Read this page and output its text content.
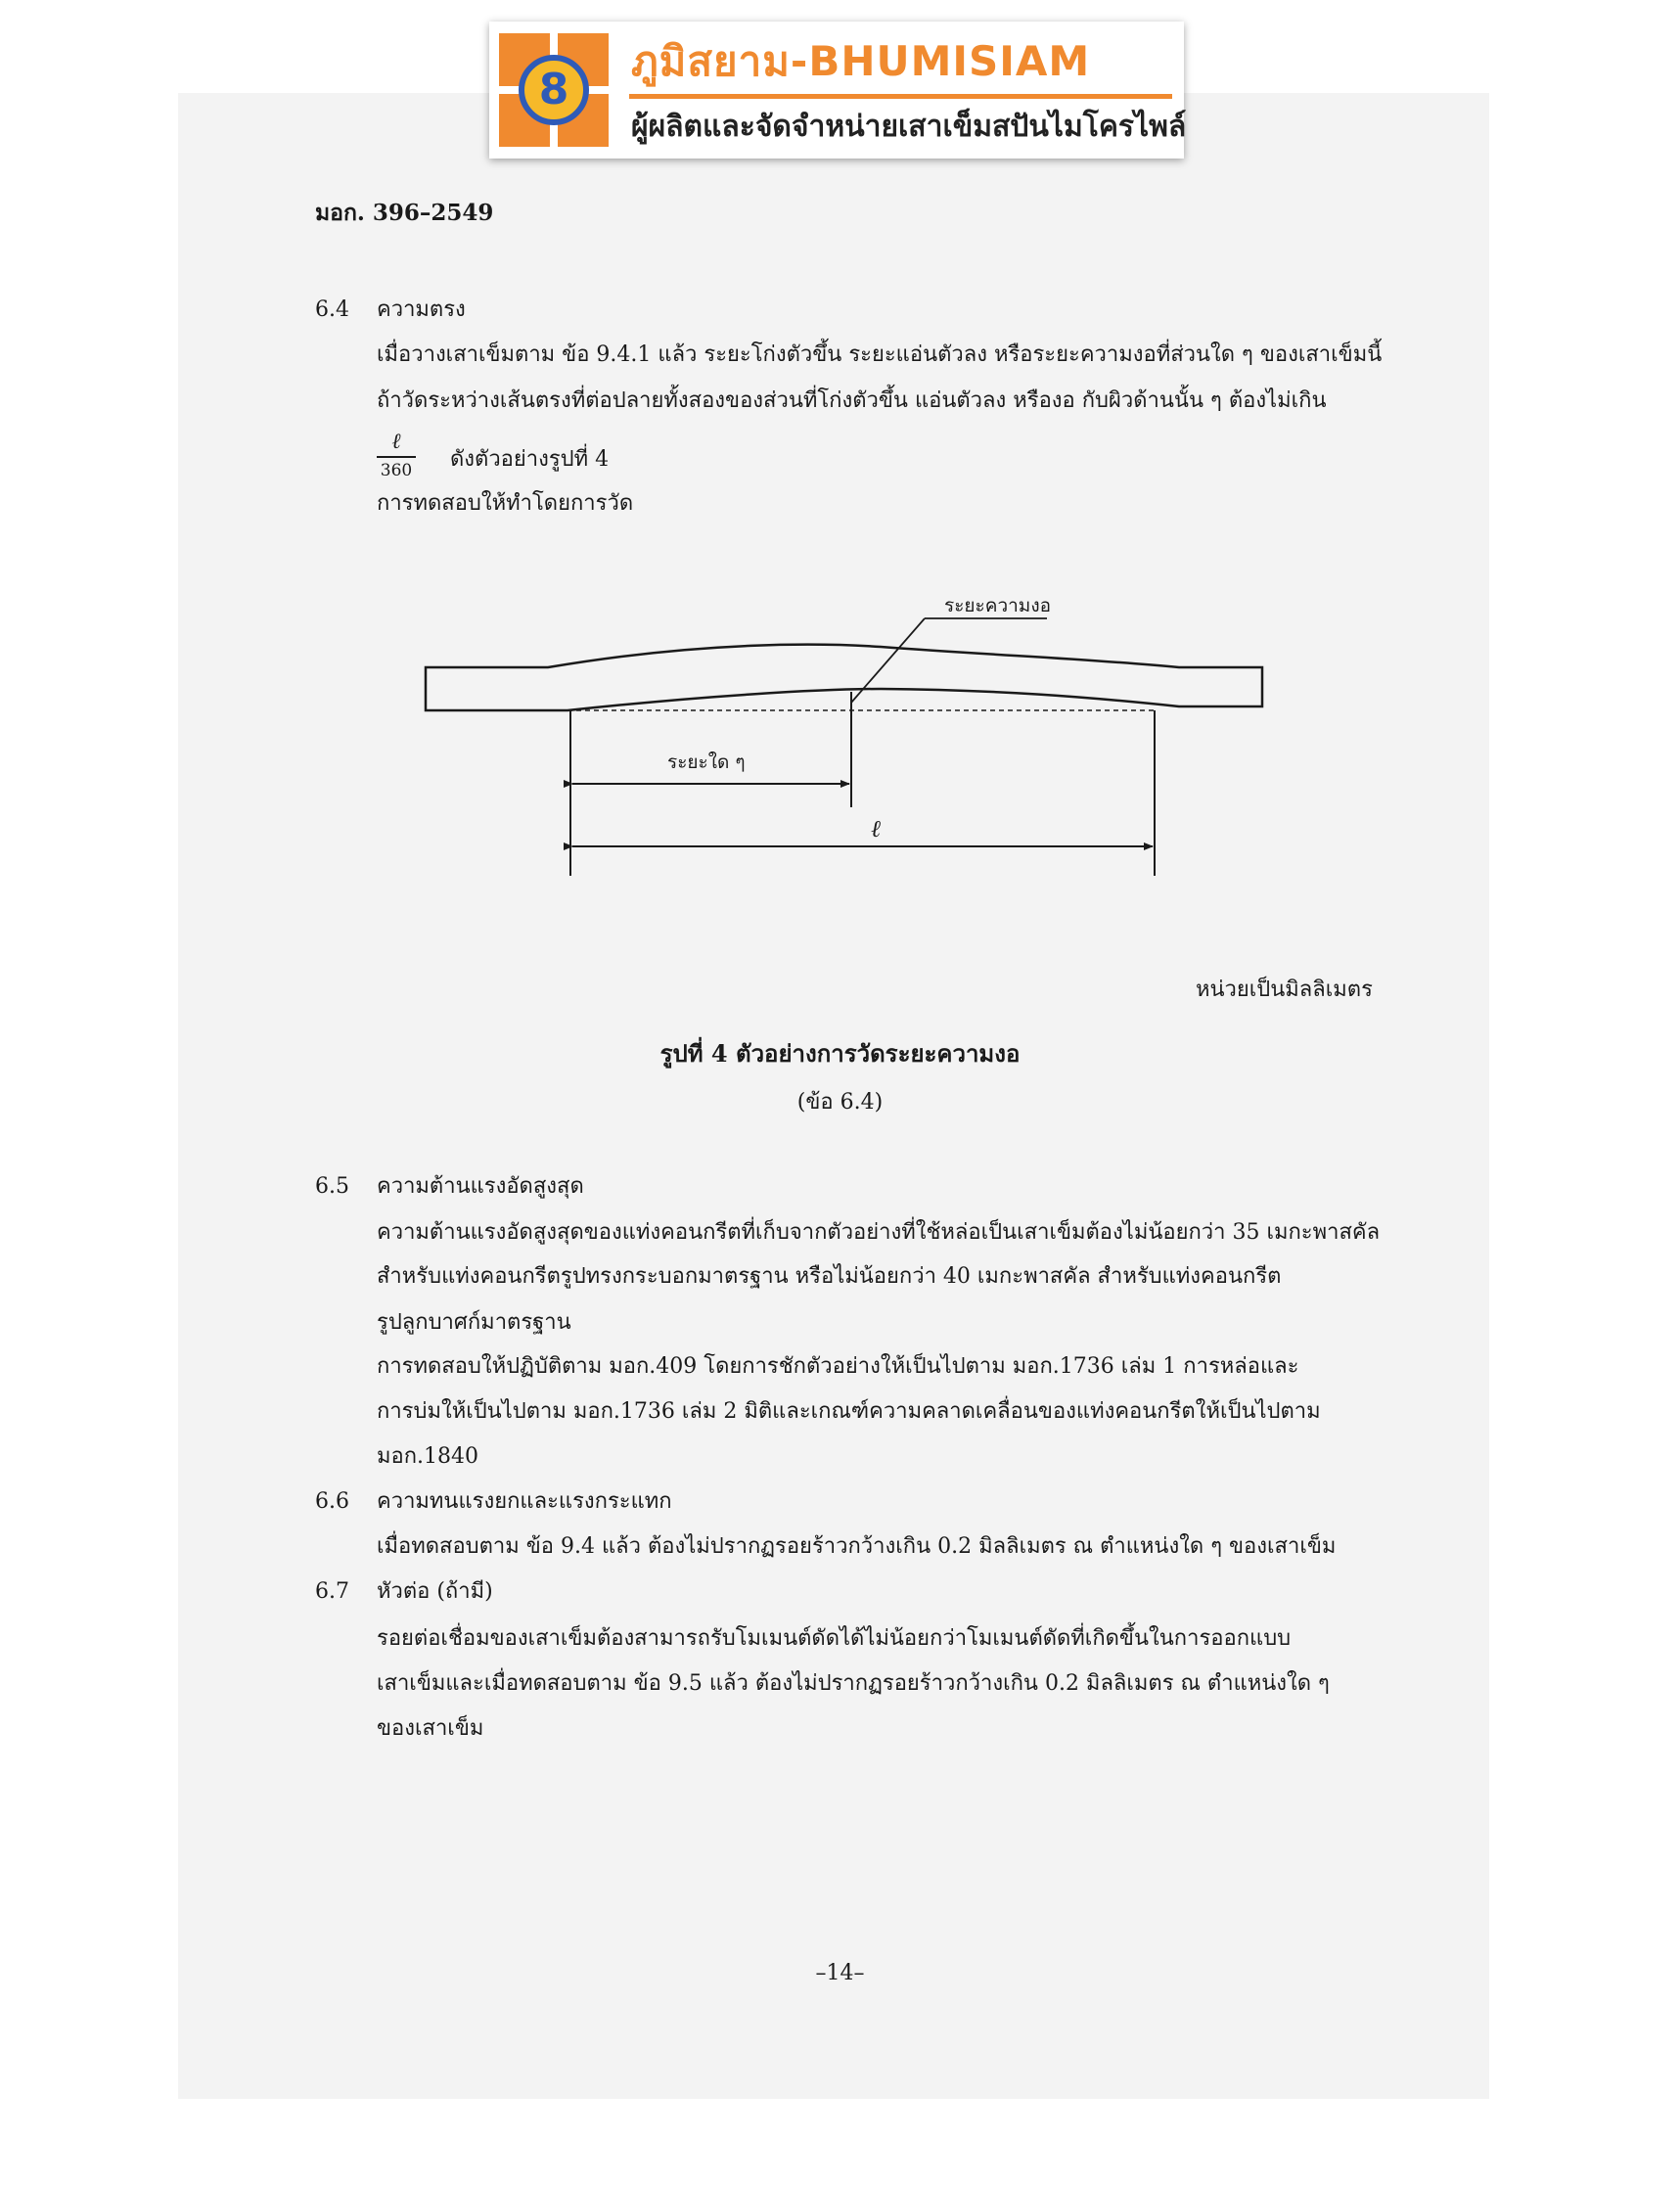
8
ภูมิสยาม-BHUMISIAM
ผู้ผลิตและจัดจำหน่ายเสาเข็มสปันไมโครไพล์
มอก. 396–2549
6.4 ความตรง
เมื่อวางเสาเข็มตาม ข้อ 9.4.1 แล้ว ระยะโก่งตัวขึ้น ระยะแอ่นตัวลง หรือระยะความงอที่ส่วนใด ๆ ของเสาเข็มนี้
ถ้าวัดระหว่างเส้นตรงที่ต่อปลายทั้งสองของส่วนที่โก่งตัวขึ้น แอ่นตัวลง หรืองอ กับผิวด้านนั้น ๆ ต้องไม่เกิน
ℓ
360 ดังตัวอย่างรูปที่ 4
การทดสอบให้ทำโดยการวัด
ระยะความงอ
ระยะใด ๆ
ℓ
หน่วยเป็นมิลลิเมตร
รูปที่ 4 ตัวอย่างการวัดระยะความงอ
(ข้อ 6.4)
6.5 ความต้านแรงอัดสูงสุด
ความต้านแรงอัดสูงสุดของแท่งคอนกรีตที่เก็บจากตัวอย่างที่ใช้หล่อเป็นเสาเข็มต้องไม่น้อยกว่า 35 เมกะพาสคัล
สำหรับแท่งคอนกรีตรูปทรงกระบอกมาตรฐาน หรือไม่น้อยกว่า 40 เมกะพาสคัล สำหรับแท่งคอนกรีต
รูปลูกบาศก์มาตรฐาน
การทดสอบให้ปฏิบัติตาม มอก.409 โดยการชักตัวอย่างให้เป็นไปตาม มอก.1736 เล่ม 1 การหล่อและ
การบ่มให้เป็นไปตาม มอก.1736 เล่ม 2 มิติและเกณฑ์ความคลาดเคลื่อนของแท่งคอนกรีตให้เป็นไปตาม
มอก.1840
6.6 ความทนแรงยกและแรงกระแทก
เมื่อทดสอบตาม ข้อ 9.4 แล้ว ต้องไม่ปรากฏรอยร้าวกว้างเกิน 0.2 มิลลิเมตร ณ ตำแหน่งใด ๆ ของเสาเข็ม
6.7 หัวต่อ (ถ้ามี)
รอยต่อเชื่อมของเสาเข็มต้องสามารถรับโมเมนต์ดัดได้ไม่น้อยกว่าโมเมนต์ดัดที่เกิดขึ้นในการออกแบบ
เสาเข็มและเมื่อทดสอบตาม ข้อ 9.5 แล้ว ต้องไม่ปรากฏรอยร้าวกว้างเกิน 0.2 มิลลิเมตร ณ ตำแหน่งใด ๆ
ของเสาเข็ม
–14–
